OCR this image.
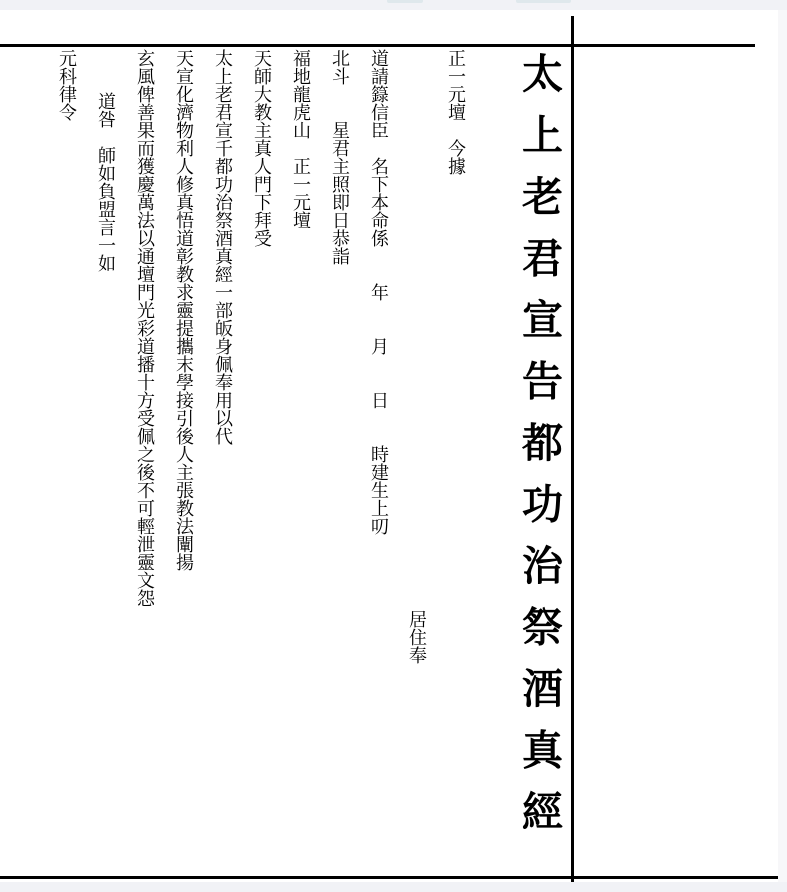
太上老君宣告都功治祭酒真經
正一元壇　今據
居住奉
道請籙信臣　名下本命係　　年　　月　　日　　時建生上叨
北斗　　星君主照即日恭詣
福地龍虎山　正一元壇
天師大教主真人門下拜受
太上老君宣千都功治祭酒真經一部皈身佩奉用以代
天宣化濟物利人修真悟道彰教求靈提攜末學接引後人主張教法闡揚
玄風俾善果而獲慶萬法以通壇門光彩道播十方受佩之後不可輕泄靈文怨
道咎　師如負盟言一如
元科律令
